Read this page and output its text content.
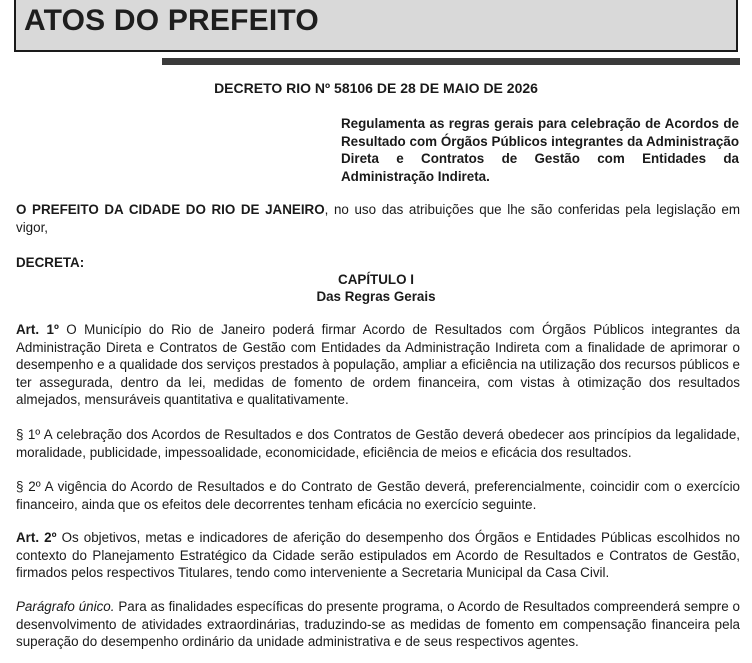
ATOS DO PREFEITO

DECRETO RIO Nº 58106 DE 28 DE MAIO DE 2026

Regulamenta as regras gerais para celebração de Acordos de Resultado com Órgãos Públicos integrantes da Administração Direta e Contratos de Gestão com Entidades da Administração Indireta.

O PREFEITO DA CIDADE DO RIO DE JANEIRO, no uso das atribuições que lhe são conferidas pela legislação em vigor,

DECRETA:

CAPÍTULO I

Das Regras Gerais

Art. 1º O Município do Rio de Janeiro poderá firmar Acordo de Resultados com Órgãos Públicos integrantes da Administração Direta e Contratos de Gestão com Entidades da Administração Indireta com a finalidade de aprimorar o desempenho e a qualidade dos serviços prestados à população, ampliar a eficiência na utilização dos recursos públicos e ter assegurada, dentro da lei, medidas de fomento de ordem financeira, com vistas à otimização dos resultados almejados, mensuráveis quantitativa e qualitativamente.

§ 1º A celebração dos Acordos de Resultados e dos Contratos de Gestão deverá obedecer aos princípios da legalidade, moralidade, publicidade, impessoalidade, economicidade, eficiência de meios e eficácia dos resultados.

§ 2º A vigência do Acordo de Resultados e do Contrato de Gestão deverá, preferencialmente, coincidir com o exercício financeiro, ainda que os efeitos dele decorrentes tenham eficácia no exercício seguinte.

Art. 2º Os objetivos, metas e indicadores de aferição do desempenho dos Órgãos e Entidades Públicas escolhidos no contexto do Planejamento Estratégico da Cidade serão estipulados em Acordo de Resultados e Contratos de Gestão, firmados pelos respectivos Titulares, tendo como interveniente a Secretaria Municipal da Casa Civil.

Parágrafo único. Para as finalidades específicas do presente programa, o Acordo de Resultados compreenderá sempre o desenvolvimento de atividades extraordinárias, traduzindo-se as medidas de fomento em compensação financeira pela superação do desempenho ordinário da unidade administrativa e de seus respectivos agentes.
